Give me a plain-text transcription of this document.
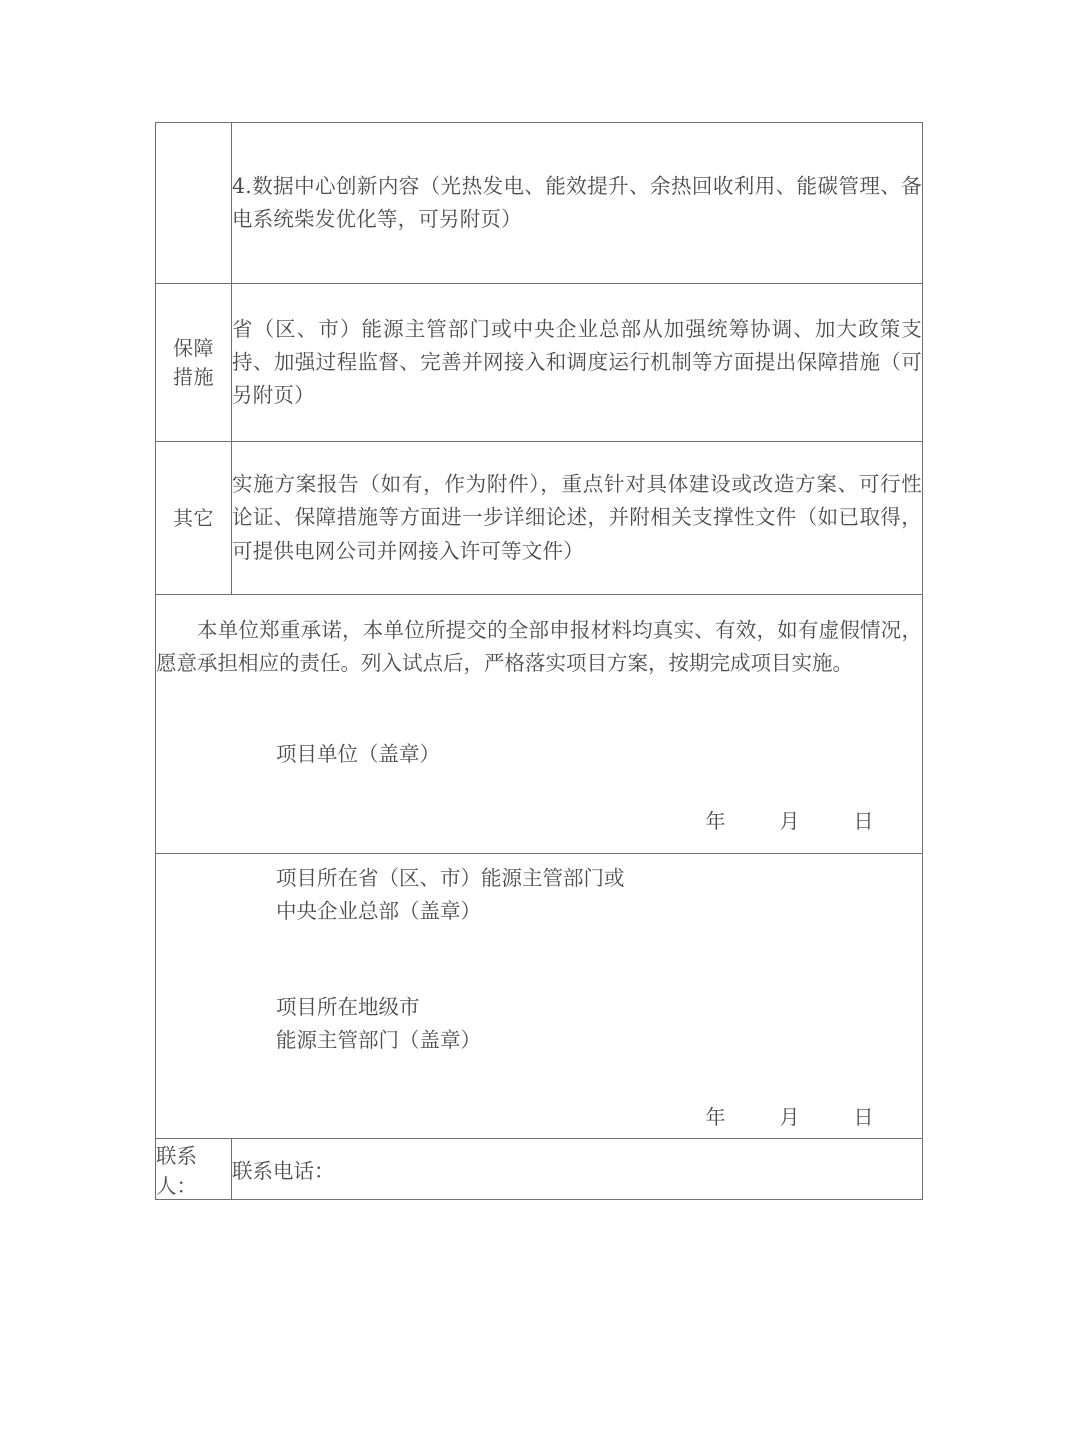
	4.数据中心创新内容（光热发电、能效提升、余热回收利用、能碳管理、备电系统柴发优化等，可另附页）

保障
措施	省（区、市）能源主管部门或中央企业总部从加强统筹协调、加大政策支持、加强过程监督、完善并网接入和调度运行机制等方面提出保障措施（可另附页）

其它	实施方案报告（如有，作为附件），重点针对具体建设或改造方案、可行性论证、保障措施等方面进一步详细论述，并附相关支撑性文件（如已取得，可提供电网公司并网接入许可等文件）

本单位郑重承诺，本单位所提交的全部申报材料均真实、有效，如有虚假情况，愿意承担相应的责任。列入试点后，严格落实项目方案，按期完成项目实施。
项目单位（盖章）
年 月 日	

项目所在省（区、市）能源主管部门或
中央企业总部（盖章）
项目所在地级市
能源主管部门（盖章）
年 月 日	

联系人：	联系电话：
